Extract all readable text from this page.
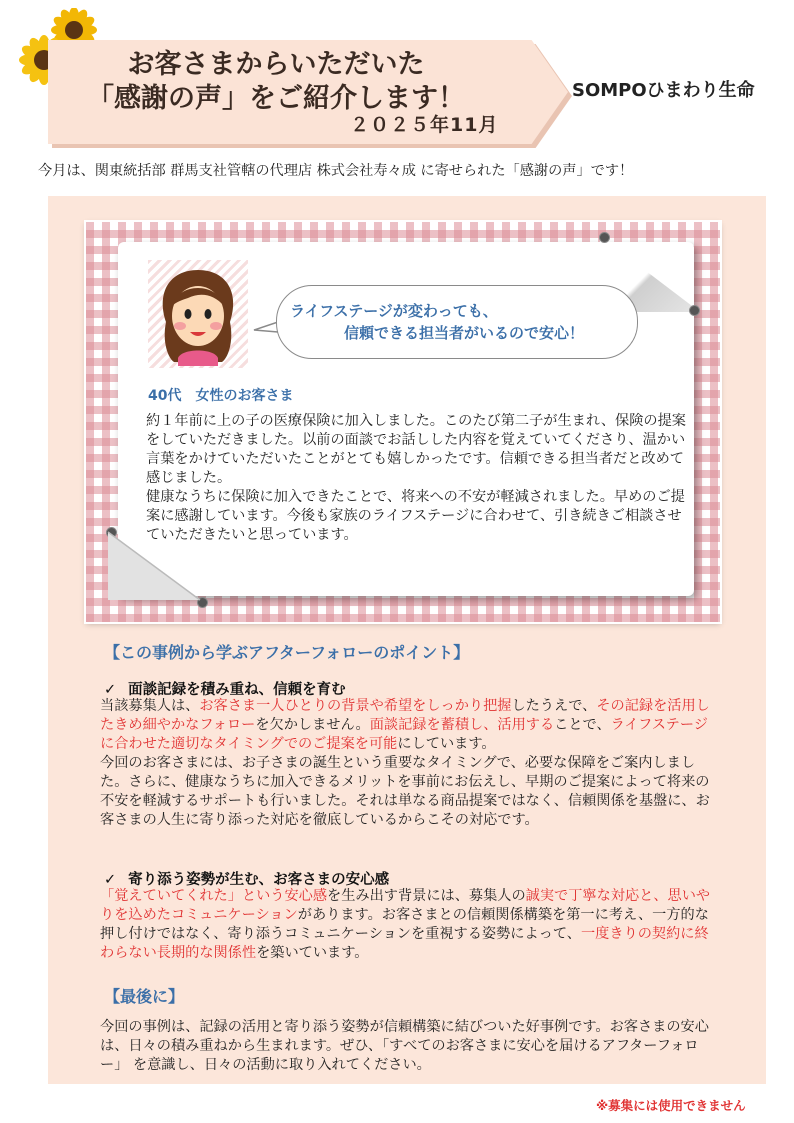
お客さまからいただいた
「感謝の声」をご紹介します！
２０２５年11月
SOMPOひまわり生命
今月は、関東統括部 群馬支社管轄の代理店 株式会社寿々成 に寄せられた「感謝の声」です！
ライフステージが変わっても、
信頼できる担当者がいるので安心！
40代　女性のお客さま

約１年前に上の子の医療保険に加入しました。このたび第二子が生まれ、保険の提案をしていただきました。以前の面談でお話しした内容を覚えていてくださり、温かい言葉をかけていただいたことがとても嬉しかったです。信頼できる担当者だと改めて感じました。

健康なうちに保険に加入できたことで、将来への不安が軽減されました。早めのご提案に感謝しています。今後も家族のライフステージに合わせて、引き続きご相談させていただきたいと思っています。

【この事例から学ぶアフターフォローのポイント】
✓ 面談記録を積み重ね、信頼を育む

当該募集人は、お客さま一人ひとりの背景や希望をしっかり把握したうえで、その記録を活用したきめ細やかなフォローを欠かしません。面談記録を蓄積し、活用することで、ライフステージに合わせた適切なタイミングでのご提案を可能にしています。

今回のお客さまには、お子さまの誕生という重要なタイミングで、必要な保障をご案内しました。さらに、健康なうちに加入できるメリットを事前にお伝えし、早期のご提案によって将来の不安を軽減するサポートも行いました。それは単なる商品提案ではなく、信頼関係を基盤に、お客さまの人生に寄り添った対応を徹底しているからこその対応です。

✓ 寄り添う姿勢が生む、お客さまの安心感

「覚えていてくれた」という安心感を生み出す背景には、募集人の誠実で丁寧な対応と、思いやりを込めたコミュニケーションがあります。お客さまとの信頼関係構築を第一に考え、一方的な押し付けではなく、寄り添うコミュニケーションを重視する姿勢によって、一度きりの契約に終わらない長期的な関係性を築いています。

【最後に】
今回の事例は、記録の活用と寄り添う姿勢が信頼構築に結びついた好事例です。お客さまの安心は、日々の積み重ねから生まれます。ぜひ、「すべてのお客さまに安心を届けるアフターフォロー」 を意識し、日々の活動に取り入れてください。
※募集には使用できません
